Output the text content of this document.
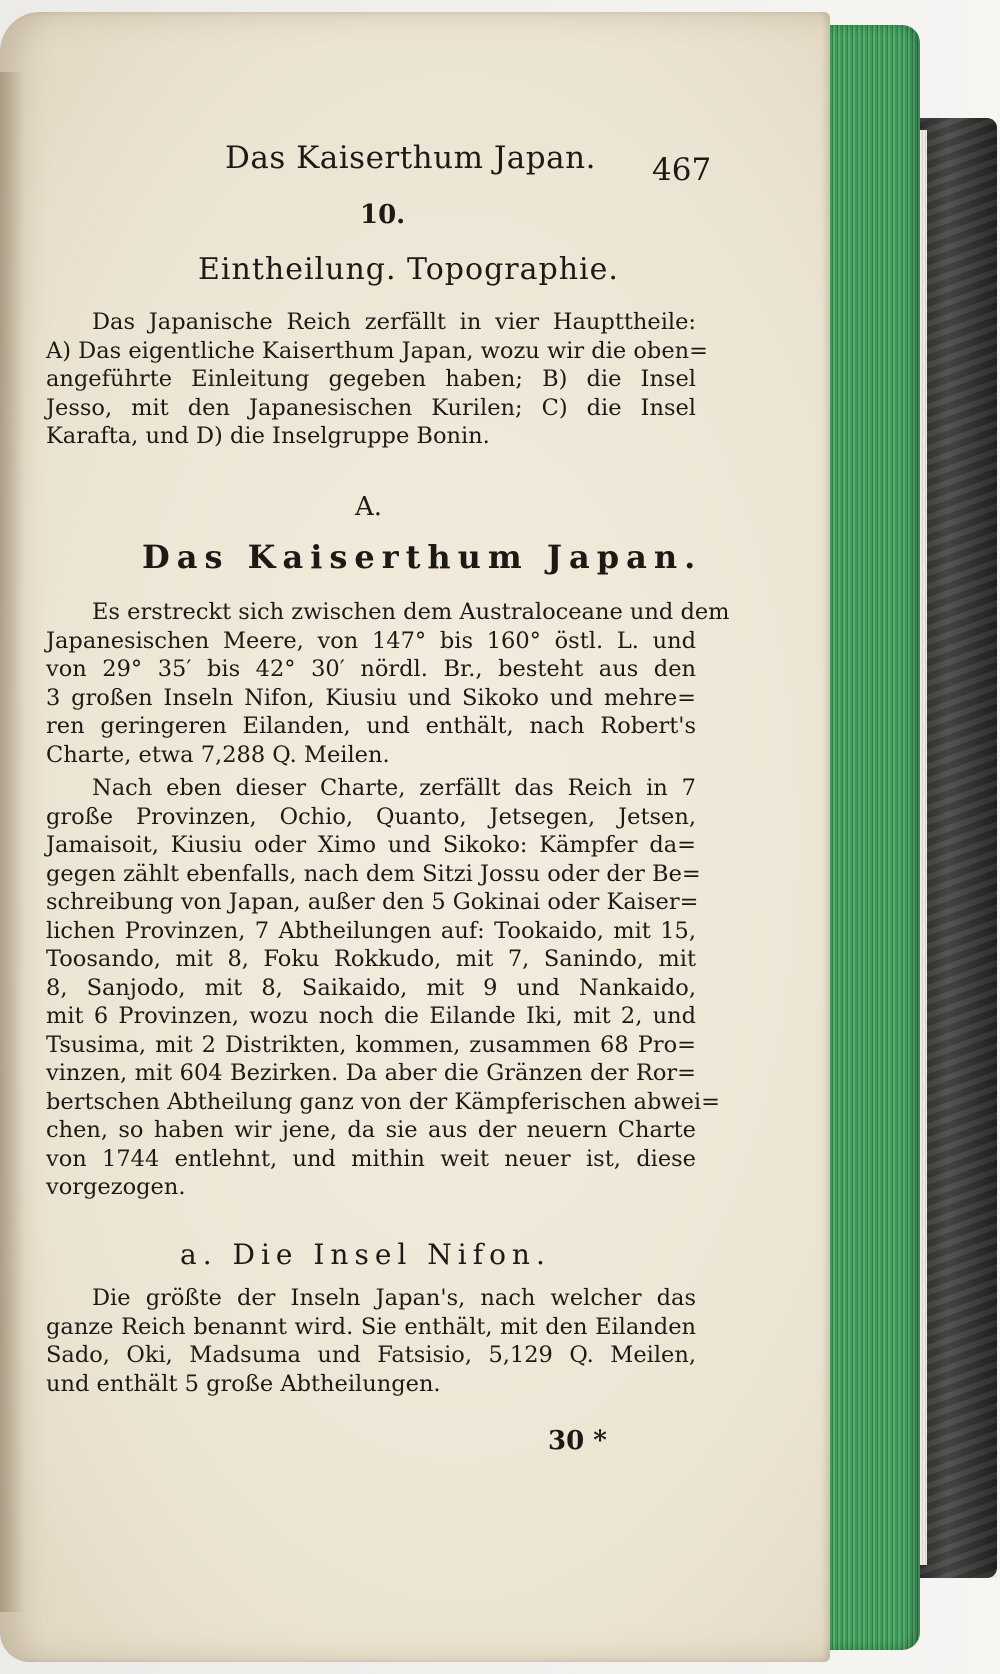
Das Kaiserthum Japan. 467
10.
Eintheilung. Topographie.
Das Japanische Reich zerfällt in vier Haupttheile:
A) Das eigentliche Kaiserthum Japan, wozu wir die oben=
angeführte Einleitung gegeben haben; B) die Insel
Jesso, mit den Japanesischen Kurilen; C) die Insel
Karafta, und D) die Inselgruppe Bonin.
A.
Das Kaiserthum Japan.
Es erstreckt sich zwischen dem Australoceane und dem
Japanesischen Meere, von 147° bis 160° östl. L. und
von 29° 35′ bis 42° 30′ nördl. Br., besteht aus den
3 großen Inseln Nifon, Kiusiu und Sikoko und mehre=
ren geringeren Eilanden, und enthält, nach Robert's
Charte, etwa 7,288 Q. Meilen.
Nach eben dieser Charte, zerfällt das Reich in 7
große Provinzen, Ochio, Quanto, Jetsegen, Jetsen,
Jamaisoit, Kiusiu oder Ximo und Sikoko: Kämpfer da=
gegen zählt ebenfalls, nach dem Sitzi Jossu oder der Be=
schreibung von Japan, außer den 5 Gokinai oder Kaiser=
lichen Provinzen, 7 Abtheilungen auf: Tookaido, mit 15,
Toosando, mit 8, Foku Rokkudo, mit 7, Sanindo, mit
8, Sanjodo, mit 8, Saikaido, mit 9 und Nankaido,
mit 6 Provinzen, wozu noch die Eilande Iki, mit 2, und
Tsusima, mit 2 Distrikten, kommen, zusammen 68 Pro=
vinzen, mit 604 Bezirken. Da aber die Gränzen der Ror=
bertschen Abtheilung ganz von der Kämpferischen abwei=
chen, so haben wir jene, da sie aus der neuern Charte
von 1744 entlehnt, und mithin weit neuer ist, diese
vorgezogen.
a. Die Insel Nifon.
Die größte der Inseln Japan's, nach welcher das
ganze Reich benannt wird. Sie enthält, mit den Eilanden
Sado, Oki, Madsuma und Fatsisio, 5,129 Q. Meilen,
und enthält 5 große Abtheilungen.
30 *
